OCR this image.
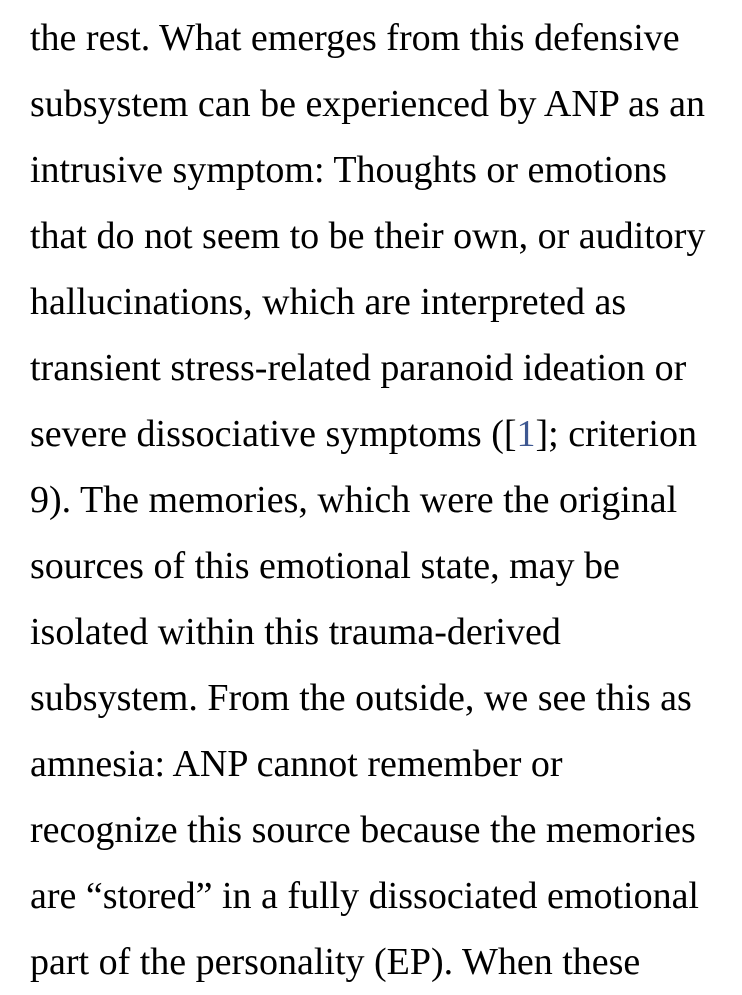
the rest. What emerges from this defensive
subsystem can be experienced by ANP as an
intrusive symptom: Thoughts or emotions
that do not seem to be their own, or auditory
hallucinations, which are interpreted as
transient stress-related paranoid ideation or
severe dissociative symptoms ([1]; criterion
9). The memories, which were the original
sources of this emotional state, may be
isolated within this trauma-derived
subsystem. From the outside, we see this as
amnesia: ANP cannot remember or
recognize this source because the memories
are “stored” in a fully dissociated emotional
part of the personality (EP). When these
